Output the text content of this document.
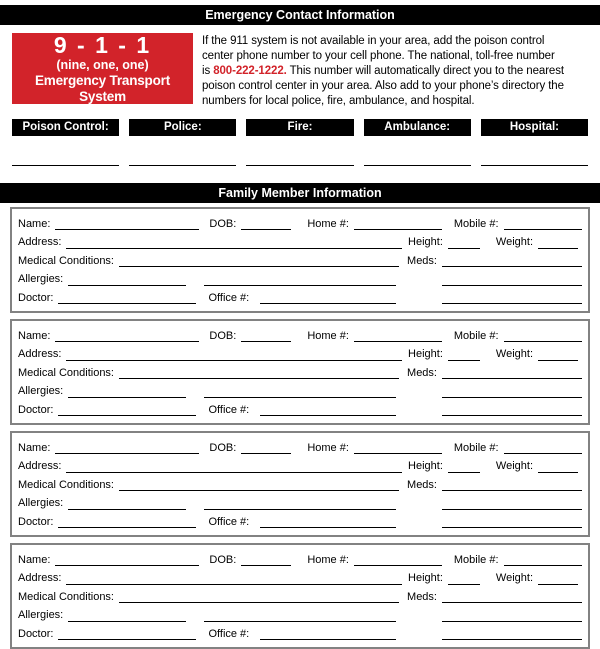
Emergency Contact Information
9 - 1 - 1
(nine, one, one)
Emergency Transport System
If the 911 system is not available in your area, add the poison control
center phone number to your cell phone. The national, toll-free number
is 800-222-1222. This number will automatically direct you to the nearest
poison control center in your area. Also add to your phone’s directory the
numbers for local police, fire, ambulance, and hospital.
Poison Control:	Police:	Fire:	Ambulance:	Hospital:
Family Member Information
Name:	DOB:	Home #:	Mobile #:
Address:	Height:	Weight:
Medical Conditions:	Meds:
Allergies:
Doctor:	Office #:
Name:	DOB:	Home #:	Mobile #:
Address:	Height:	Weight:
Medical Conditions:	Meds:
Allergies:
Doctor:	Office #:
Name:	DOB:	Home #:	Mobile #:
Address:	Height:	Weight:
Medical Conditions:	Meds:
Allergies:
Doctor:	Office #:
Name:	DOB:	Home #:	Mobile #:
Address:	Height:	Weight:
Medical Conditions:	Meds:
Allergies:
Doctor:	Office #:
